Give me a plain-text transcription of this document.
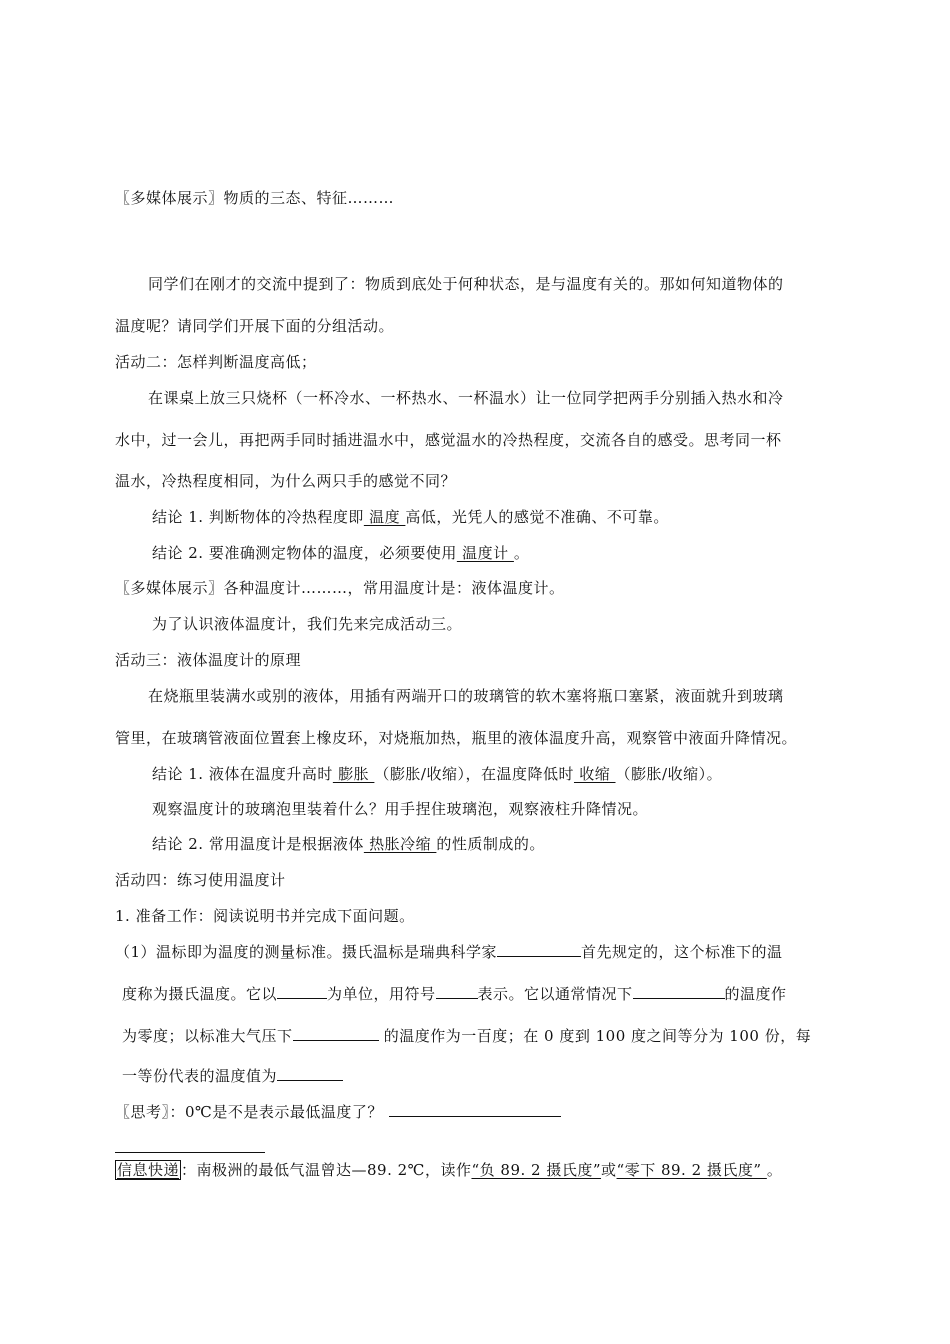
〖多媒体展示〗物质的三态、特征………
同学们在刚才的交流中提到了：物质到底处于何种状态，是与温度有关的。那如何知道物体的
温度呢？请同学们开展下面的分组活动。
活动二：怎样判断温度高低；
在课桌上放三只烧杯（一杯冷水、一杯热水、一杯温水）让一位同学把两手分别插入热水和冷
水中，过一会儿，再把两手同时插进温水中，感觉温水的冷热程度，交流各自的感受。思考同一杯
温水，冷热程度相同，为什么两只手的感觉不同？
结论 1. 判断物体的冷热程度即 温度 高低，光凭人的感觉不准确、不可靠。
结论 2. 要准确测定物体的温度，必须要使用 温度计 。
〖多媒体展示〗各种温度计………，常用温度计是：液体温度计。
为了认识液体温度计，我们先来完成活动三。
活动三：液体温度计的原理
在烧瓶里装满水或别的液体，用插有两端开口的玻璃管的软木塞将瓶口塞紧，液面就升到玻璃
管里，在玻璃管液面位置套上橡皮环，对烧瓶加热，瓶里的液体温度升高，观察管中液面升降情况。
结论 1. 液体在温度升高时 膨胀 （膨胀/收缩），在温度降低时 收缩 （膨胀/收缩）。
观察温度计的玻璃泡里装着什么？用手捏住玻璃泡，观察液柱升降情况。
结论 2. 常用温度计是根据液体 热胀冷缩 的性质制成的。
活动四：练习使用温度计
1. 准备工作：阅读说明书并完成下面问题。
（1）温标即为温度的测量标准。摄氏温标是瑞典科学家	首先规定的，这个标准下的温
度称为摄氏温度。它以	为单位，用符号	表示。它以通常情况下	的温度作
为零度；以标准大气压下	的温度作为一百度；在 0 度到 100 度之间等分为 100 份，每
一等份代表的温度值为
〖思考〗：0℃是不是表示最低温度了？
信息快递 ：南极洲的最低气温曾达—89. 2℃，读作“负 89. 2 摄氏度”或“零下 89. 2 摄氏度” 。
